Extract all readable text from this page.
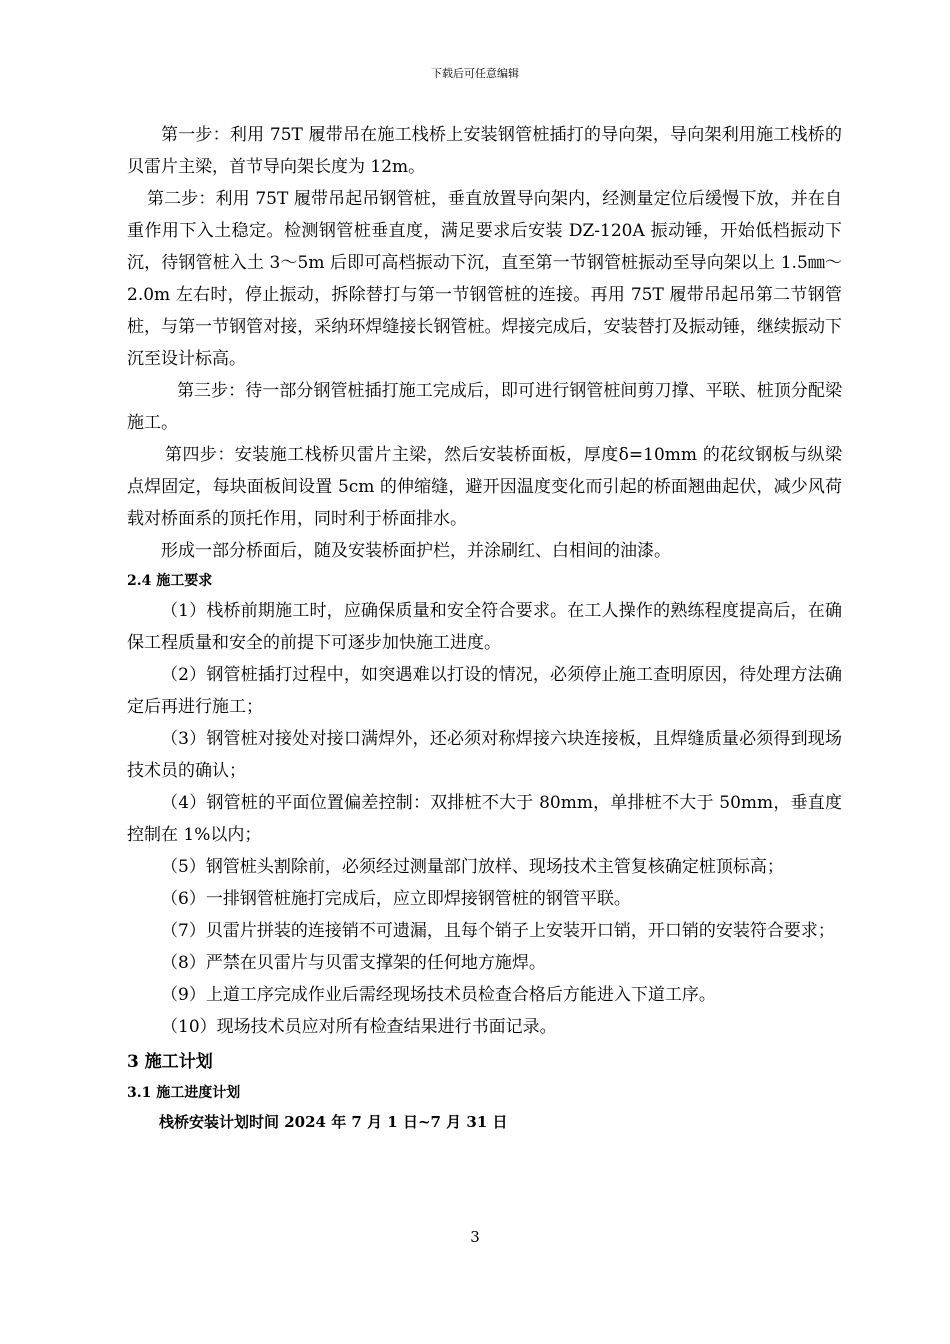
下载后可任意编辑

第一步：利用 75T 履带吊在施工栈桥上安装钢管桩插打的导向架，导向架利用施工栈桥的贝雷片主梁，首节导向架长度为 12m。

第二步：利用 75T 履带吊起吊钢管桩，垂直放置导向架内，经测量定位后缓慢下放，并在自重作用下入土稳定。检测钢管桩垂直度，满足要求后安装 DZ-120A 振动锤，开始低档振动下沉，待钢管桩入土 3～5m 后即可高档振动下沉，直至第一节钢管桩振动至导向架以上 1.5㎜～2.0m 左右时，停止振动，拆除替打与第一节钢管桩的连接。再用 75T 履带吊起吊第二节钢管桩，与第一节钢管对接，采纳环焊缝接长钢管桩。焊接完成后，安装替打及振动锤，继续振动下沉至设计标高。

第三步：待一部分钢管桩插打施工完成后，即可进行钢管桩间剪刀撑、平联、桩顶分配梁施工。

第四步：安装施工栈桥贝雷片主梁，然后安装桥面板，厚度δ=10mm 的花纹钢板与纵梁点焊固定，每块面板间设置 5cm 的伸缩缝，避开因温度变化而引起的桥面翘曲起伏，减少风荷载对桥面系的顶托作用，同时利于桥面排水。

形成一部分桥面后，随及安装桥面护栏，并涂刷红、白相间的油漆。

2.4 施工要求

（1）栈桥前期施工时，应确保质量和安全符合要求。在工人操作的熟练程度提高后，在确保工程质量和安全的前提下可逐步加快施工进度。

（2）钢管桩插打过程中，如突遇难以打设的情况，必须停止施工查明原因，待处理方法确定后再进行施工；

（3）钢管桩对接处对接口满焊外，还必须对称焊接六块连接板，且焊缝质量必须得到现场技术员的确认；

（4）钢管桩的平面位置偏差控制：双排桩不大于 80mm，单排桩不大于 50mm，垂直度控制在 1%以内；

（5）钢管桩头割除前，必须经过测量部门放样、现场技术主管复核确定桩顶标高；

（6）一排钢管桩施打完成后，应立即焊接钢管桩的钢管平联。

（7）贝雷片拼装的连接销不可遗漏，且每个销子上安装开口销，开口销的安装符合要求；

（8）严禁在贝雷片与贝雷支撑架的任何地方施焊。

（9）上道工序完成作业后需经现场技术员检查合格后方能进入下道工序。

（10）现场技术员应对所有检查结果进行书面记录。

3 施工计划

3.1 施工进度计划

栈桥安装计划时间 2024 年 7 月 1 日~7 月 31 日

3
